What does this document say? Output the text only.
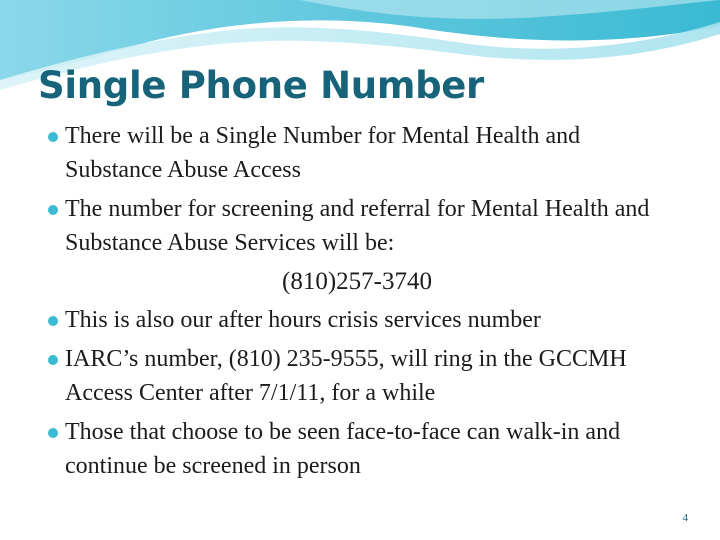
Single Phone Number
There will be a Single Number for Mental Health and Substance Abuse Access
The number for screening and referral for Mental Health and Substance Abuse Services will be:
(810)257-3740
This is also our after hours crisis services number
IARC’s number, (810) 235-9555, will ring in the GCCMH Access Center after 7/1/11, for a while
Those that choose to be seen face-to-face can walk-in and continue be screened in person
4
